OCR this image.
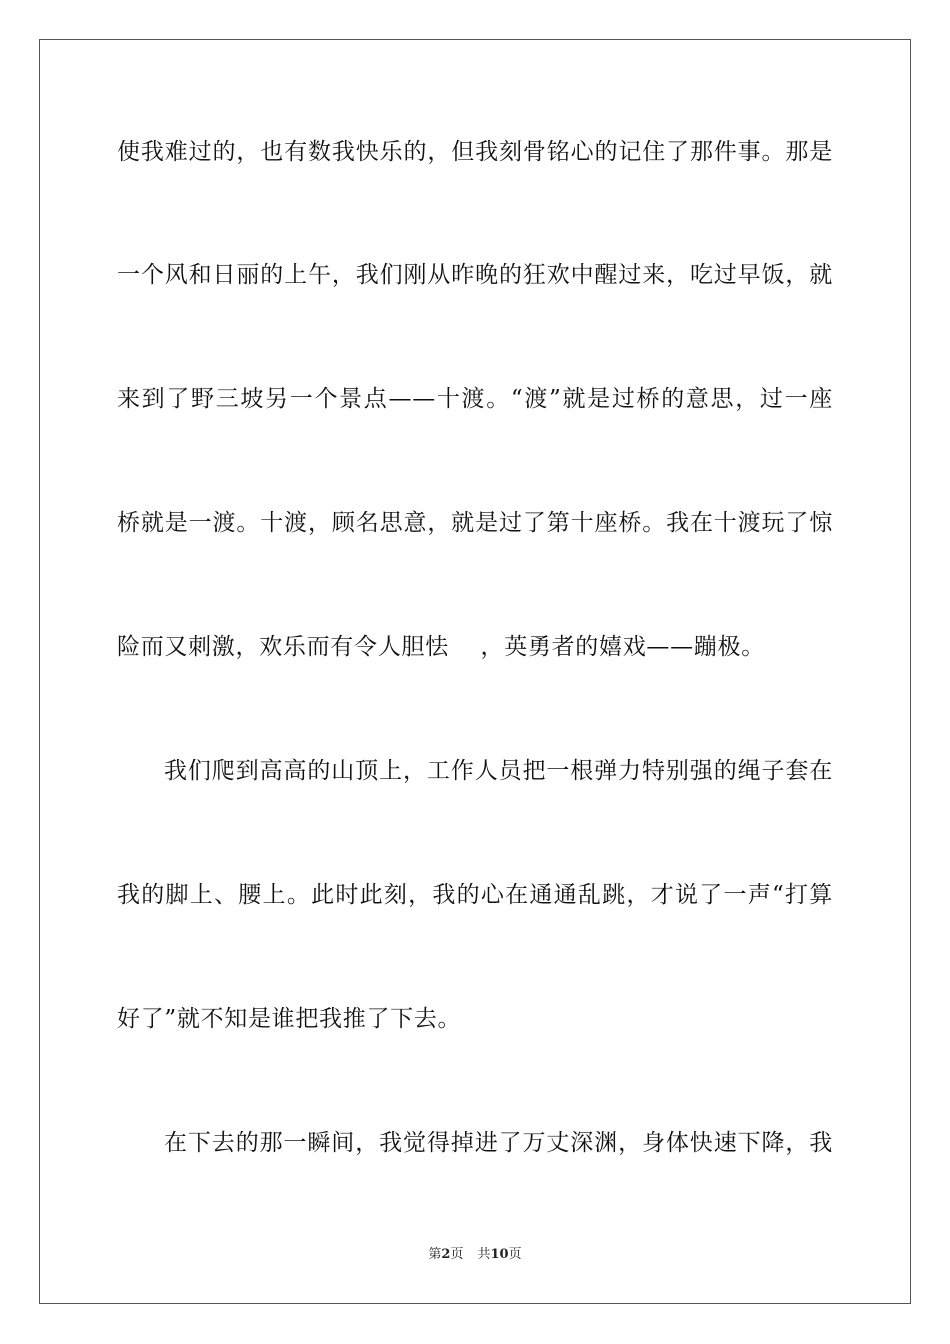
使我难过的，也有数我快乐的，但我刻骨铭心的记住了那件事。那是
一个风和日丽的上午，我们刚从昨晚的狂欢中醒过来，吃过早饭，就
来到了野三坡另一个景点——十渡。“渡”就是过桥的意思，过一座
桥就是一渡。十渡，顾名思意，就是过了第十座桥。我在十渡玩了惊
险而又刺激，欢乐而有令人胆怯　 ，英勇者的嬉戏——蹦极。
我们爬到高高的山顶上，工作人员把一根弹力特别强的绳子套在
我的脚上、腰上。此时此刻，我的心在通通乱跳，才说了一声“打算
好了”就不知是谁把我推了下去。
在下去的那一瞬间，我觉得掉进了万丈深渊，身体快速下降，我
第2页 共10页
